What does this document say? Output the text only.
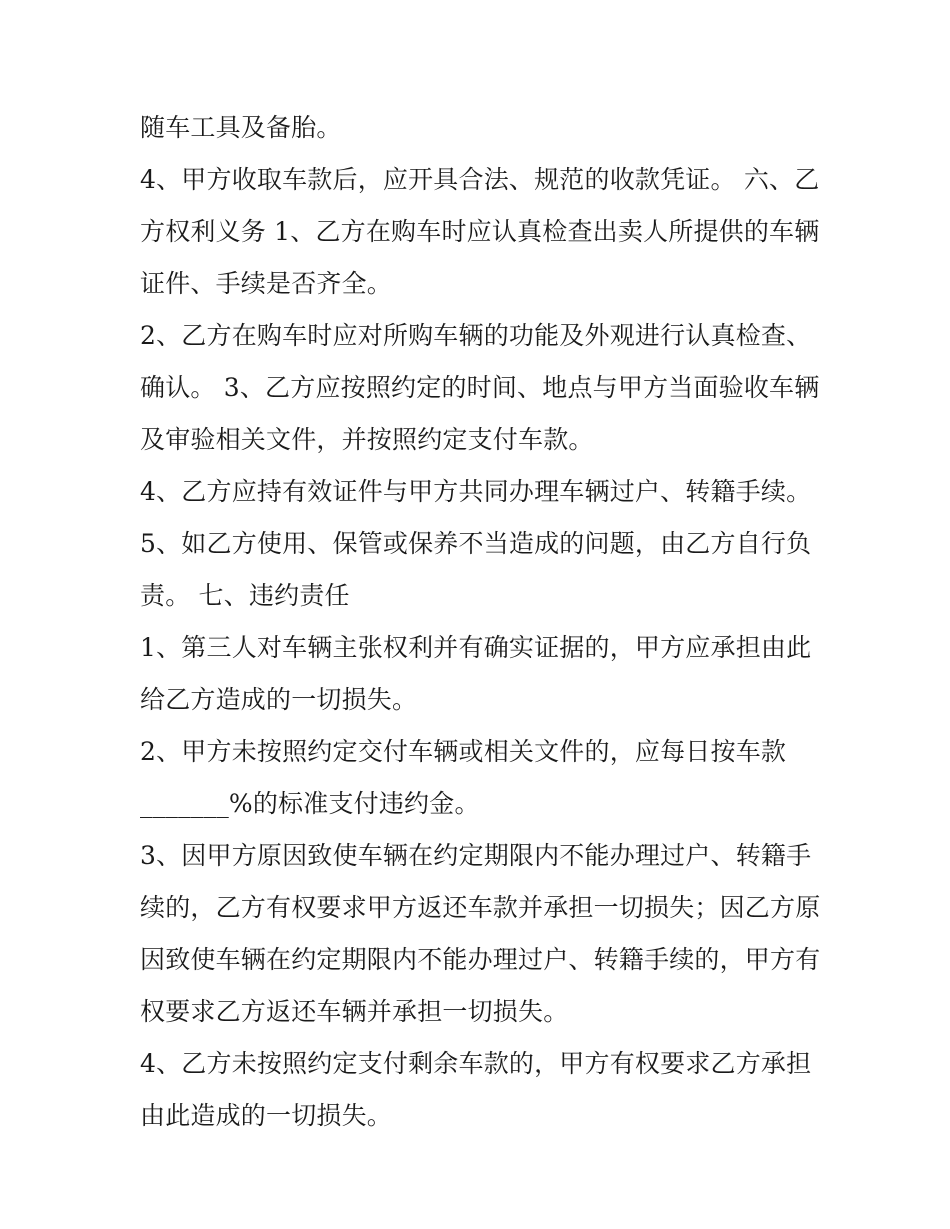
随车工具及备胎。
4、甲方收取车款后，应开具合法、规范的收款凭证。 六、乙
方权利义务 1、乙方在购车时应认真检查出卖人所提供的车辆
证件、手续是否齐全。
2、乙方在购车时应对所购车辆的功能及外观进行认真检查、
确认。 3、乙方应按照约定的时间、地点与甲方当面验收车辆
及审验相关文件，并按照约定支付车款。
4、乙方应持有效证件与甲方共同办理车辆过户、转籍手续。
5、如乙方使用、保管或保养不当造成的问题，由乙方自行负
责。 七、违约责任
1、第三人对车辆主张权利并有确实证据的，甲方应承担由此
给乙方造成的一切损失。
2、甲方未按照约定交付车辆或相关文件的，应每日按车款
_______%的标准支付违约金。
3、因甲方原因致使车辆在约定期限内不能办理过户、转籍手
续的，乙方有权要求甲方返还车款并承担一切损失；因乙方原
因致使车辆在约定期限内不能办理过户、转籍手续的，甲方有
权要求乙方返还车辆并承担一切损失。
4、乙方未按照约定支付剩余车款的，甲方有权要求乙方承担
由此造成的一切损失。
